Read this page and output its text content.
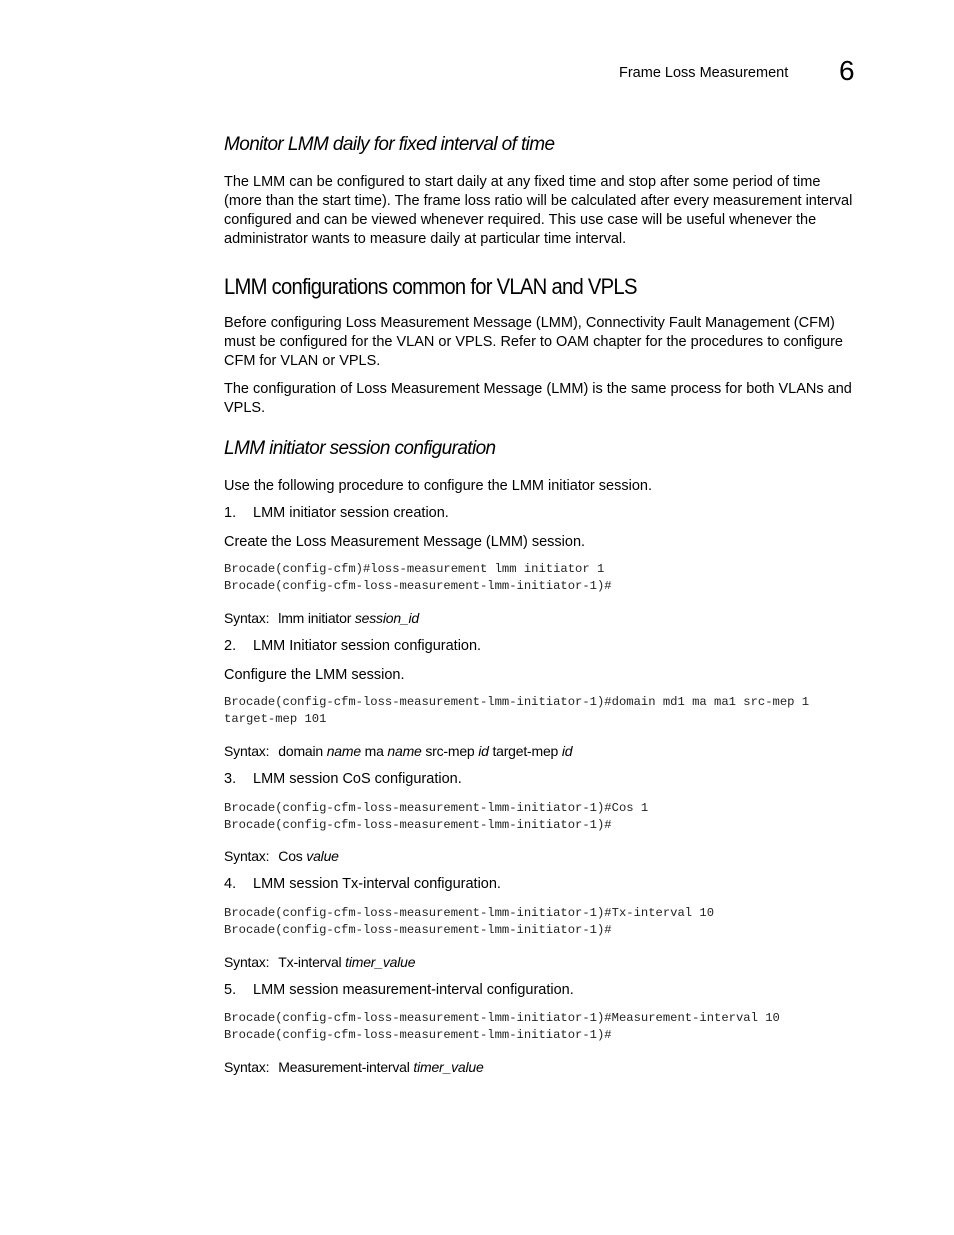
Frame Loss Measurement 6
Monitor LMM daily for fixed interval of time
The LMM can be configured to start daily at any fixed time and stop after some period of time
(more than the start time). The frame loss ratio will be calculated after every measurement interval
configured and can be viewed whenever required. This use case will be useful whenever the
administrator wants to measure daily at particular time interval.
LMM configurations common for VLAN and VPLS
Before configuring Loss Measurement Message (LMM), Connectivity Fault Management (CFM)
must be configured for the VLAN or VPLS. Refer to OAM chapter for the procedures to configure
CFM for VLAN or VPLS.
The configuration of Loss Measurement Message (LMM) is the same process for both VLANs and
VPLS.
LMM initiator session configuration
Use the following procedure to configure the LMM initiator session.
1. LMM initiator session creation.
Create the Loss Measurement Message (LMM) session.
Brocade(config-cfm)#loss-measurement lmm initiator 1
Brocade(config-cfm-loss-measurement-lmm-initiator-1)#
Syntax: lmm initiator session_id
2. LMM Initiator session configuration.
Configure the LMM session.
Brocade(config-cfm-loss-measurement-lmm-initiator-1)#domain md1 ma ma1 src-mep 1
target-mep 101
Syntax: domain name ma name src-mep id target-mep id
3. LMM session CoS configuration.
Brocade(config-cfm-loss-measurement-lmm-initiator-1)#Cos 1
Brocade(config-cfm-loss-measurement-lmm-initiator-1)#
Syntax: Cos value
4. LMM session Tx-interval configuration.
Brocade(config-cfm-loss-measurement-lmm-initiator-1)#Tx-interval 10
Brocade(config-cfm-loss-measurement-lmm-initiator-1)#
Syntax: Tx-interval timer_value
5. LMM session measurement-interval configuration.
Brocade(config-cfm-loss-measurement-lmm-initiator-1)#Measurement-interval 10
Brocade(config-cfm-loss-measurement-lmm-initiator-1)#
Syntax: Measurement-interval timer_value
